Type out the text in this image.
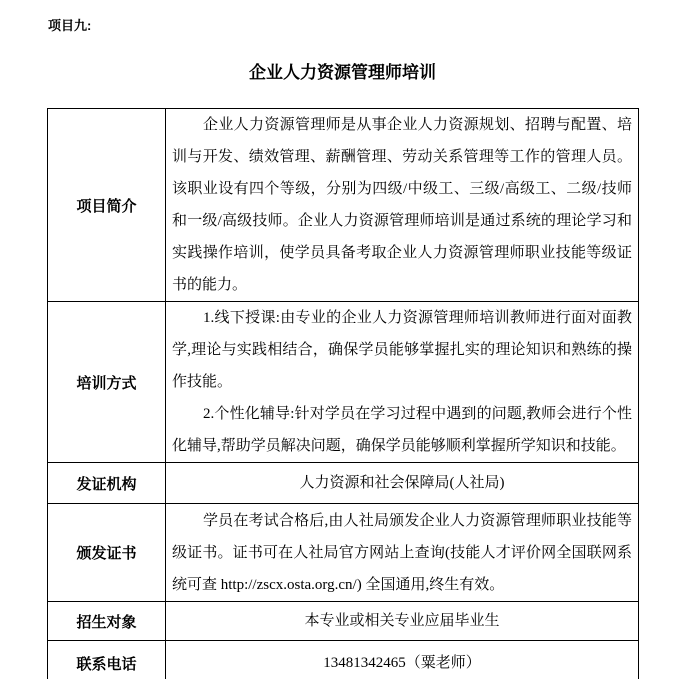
项目九:
企业人力资源管理师培训
项目简介	企业人力资源管理师是从事企业人力资源规划、招聘与配置、培训与开发、绩效管理、薪酬管理、劳动关系管理等工作的管理人员。该职业设有四个等级，分别为四级/中级工、三级/高级工、二级/技师和一级/高级技师。企业人力资源管理师培训是通过系统的理论学习和实践操作培训，使学员具备考取企业人力资源管理师职业技能等级证书的能力。

培训方式	1.线下授课:由专业的企业人力资源管理师培训教师进行面对面教学,理论与实践相结合，确保学员能够掌握扎实的理论知识和熟练的操作技能。

2.个性化辅导:针对学员在学习过程中遇到的问题,教师会进行个性化辅导,帮助学员解决问题，确保学员能够顺利掌握所学知识和技能。

发证机构	人力资源和社会保障局(人社局)

颁发证书	学员在考试合格后,由人社局颁发企业人力资源管理师职业技能等级证书。证书可在人社局官方网站上查询(技能人才评价网全国联网系统可查 http://zscx.osta.org.cn/) 全国通用,终生有效。

招生对象	本专业或相关专业应届毕业生

联系电话	13481342465（粟老师）
